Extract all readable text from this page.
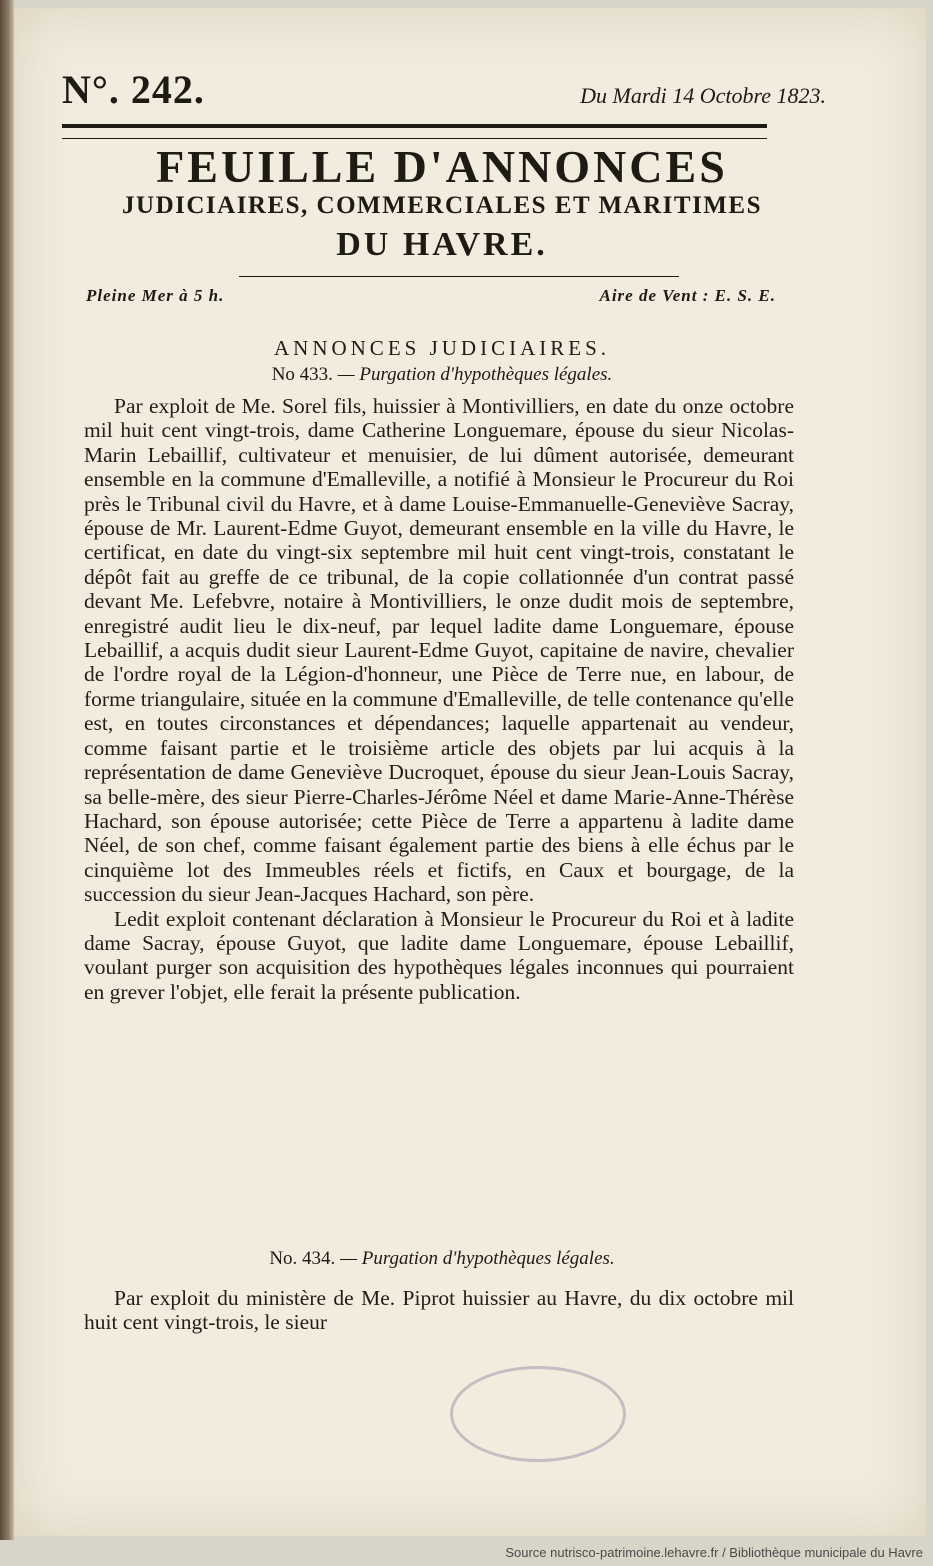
N°. 242.	Du Mardi 14 Octobre 1823.
FEUILLE D'ANNONCES
JUDICIAIRES, COMMERCIALES ET MARITIMES
DU HAVRE.
Pleine Mer à 5 h.	Aire de Vent : E. S. E.
ANNONCES JUDICIAIRES.
No 433. — Purgation d'hypothèques légales.

Par exploit de Me. Sorel fils, huissier à Montivilliers, en date du onze octobre mil huit cent vingt-trois, dame Catherine Longuemare, épouse du sieur Nicolas-Marin Lebaillif, cultivateur et menuisier, de lui dûment autorisée, demeurant ensemble en la commune d'Emalleville, a notifié à Monsieur le Procureur du Roi près le Tribunal civil du Havre, et à dame Louise-Emmanuelle-Geneviève Sacray, épouse de Mr. Laurent-Edme Guyot, demeurant ensemble en la ville du Havre, le certificat, en date du vingt-six septembre mil huit cent vingt-trois, constatant le dépôt fait au greffe de ce tribunal, de la copie collationnée d'un contrat passé devant Me. Lefebvre, notaire à Montivilliers, le onze dudit mois de septembre, enregistré audit lieu le dix-neuf, par lequel ladite dame Longuemare, épouse Lebaillif, a acquis dudit sieur Laurent-Edme Guyot, capitaine de navire, chevalier de l'ordre royal de la Légion-d'honneur, une Pièce de Terre nue, en labour, de forme triangulaire, située en la commune d'Emalleville, de telle contenance qu'elle est, en toutes circonstances et dépendances; laquelle appartenait au vendeur, comme faisant partie et le troisième article des objets par lui acquis à la représentation de dame Geneviève Ducroquet, épouse du sieur Jean-Louis Sacray, sa belle-mère, des sieur Pierre-Charles-Jérôme Néel et dame Marie-Anne-Thérèse Hachard, son épouse autorisée; cette Pièce de Terre a appartenu à ladite dame Néel, de son chef, comme faisant également partie des biens à elle échus par le cinquième lot des Immeubles réels et fictifs, en Caux et bourgage, de la succession du sieur Jean-Jacques Hachard, son père.

Ledit exploit contenant déclaration à Monsieur le Procureur du Roi et à ladite dame Sacray, épouse Guyot, que ladite dame Longuemare, épouse Lebaillif, voulant purger son acquisition des hypothèques légales inconnues qui pourraient en grever l'objet, elle ferait la présente publication.

No. 434. — Purgation d'hypothèques légales.

Par exploit du ministère de Me. Piprot huissier au Havre, du dix octobre mil huit cent vingt-trois, le sieur

Source nutrisco-patrimoine.lehavre.fr / Bibliothèque municipale du Havre
